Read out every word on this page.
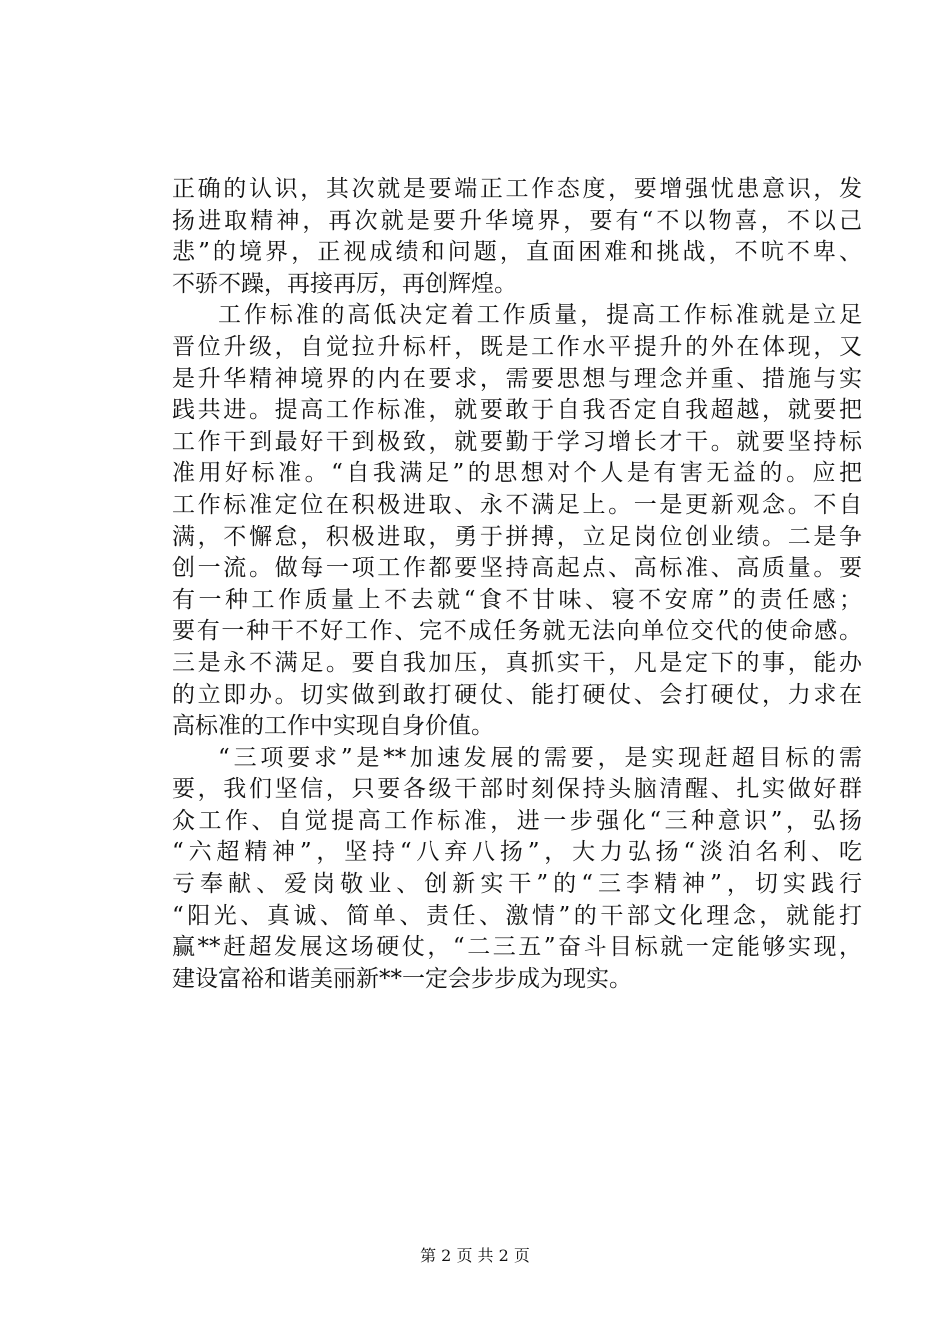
正确的认识，其次就是要端正工作态度，要增强忧患意识，发
扬进取精神，再次就是要升华境界，要有“不以物喜，不以己
悲”的境界，正视成绩和问题，直面困难和挑战，不吭不卑、
不骄不躁，再接再厉，再创辉煌。
工作标准的高低决定着工作质量，提高工作标准就是立足
晋位升级，自觉拉升标杆，既是工作水平提升的外在体现，又
是升华精神境界的内在要求，需要思想与理念并重、措施与实
践共进。提高工作标准，就要敢于自我否定自我超越，就要把
工作干到最好干到极致，就要勤于学习增长才干。就要坚持标
准用好标准。“自我满足”的思想对个人是有害无益的。应把
工作标准定位在积极进取、永不满足上。一是更新观念。不自
满，不懈怠，积极进取，勇于拼搏，立足岗位创业绩。二是争
创一流。做每一项工作都要坚持高起点、高标准、高质量。要
有一种工作质量上不去就“食不甘味、寝不安席”的责任感；
要有一种干不好工作、完不成任务就无法向单位交代的使命感。
三是永不满足。要自我加压，真抓实干，凡是定下的事，能办
的立即办。切实做到敢打硬仗、能打硬仗、会打硬仗，力求在
高标准的工作中实现自身价值。
“三项要求”是**加速发展的需要，是实现赶超目标的需
要，我们坚信，只要各级干部时刻保持头脑清醒、扎实做好群
众工作、自觉提高工作标准，进一步强化“三种意识”，弘扬
“六超精神”，坚持“八弃八扬”，大力弘扬“淡泊名利、吃
亏奉献、爱岗敬业、创新实干”的“三李精神”，切实践行
“阳光、真诚、简单、责任、激情”的干部文化理念，就能打
赢**赶超发展这场硬仗，“二三五”奋斗目标就一定能够实现，
建设富裕和谐美丽新**一定会步步成为现实。
第 2 页 共 2 页
